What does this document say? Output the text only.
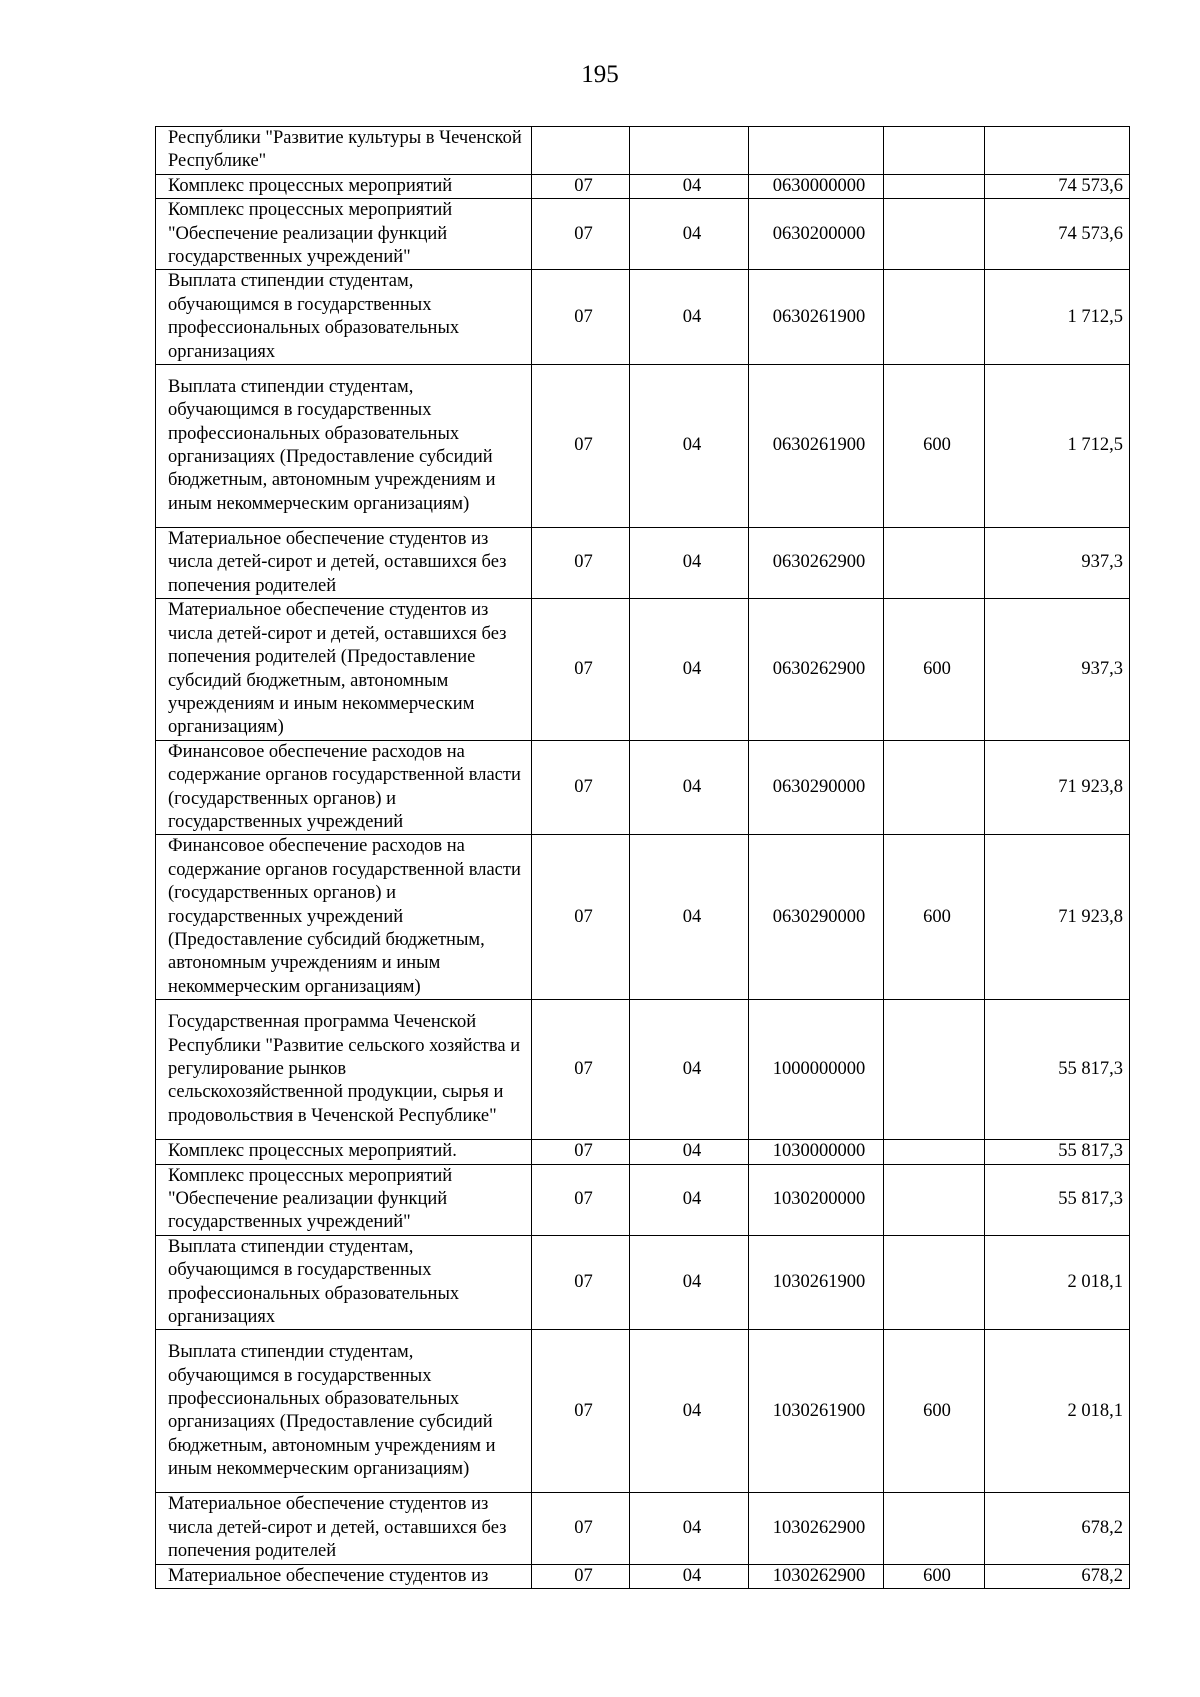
195
Республики "Развитие культуры в Чеченской Республике"					
Комплекс процессных мероприятий	07	04	0630000000		74 573,6
Комплекс процессных мероприятий "Обеспечение реализации функций государственных учреждений"	07	04	0630200000		74 573,6
Выплата стипендии студентам, обучающимся в государственных профессиональных образовательных организациях	07	04	0630261900		1 712,5
Выплата стипендии студентам, обучающимся в государственных профессиональных образовательных организациях (Предоставление субсидий бюджетным, автономным учреждениям и иным некоммерческим организациям)	07	04	0630261900	600	1 712,5
Материальное обеспечение студентов из числа детей-сирот и детей, оставшихся без попечения родителей	07	04	0630262900		937,3
Материальное обеспечение студентов из числа детей-сирот и детей, оставшихся без попечения родителей (Предоставление субсидий бюджетным, автономным учреждениям и иным некоммерческим организациям)	07	04	0630262900	600	937,3
Финансовое обеспечение расходов на содержание органов государственной власти (государственных органов) и государственных учреждений	07	04	0630290000		71 923,8
Финансовое обеспечение расходов на содержание органов государственной власти (государственных органов) и государственных учреждений (Предоставление субсидий бюджетным, автономным учреждениям и иным некоммерческим организациям)	07	04	0630290000	600	71 923,8
Государственная программа Чеченской Республики "Развитие сельского хозяйства и регулирование рынков сельскохозяйственной продукции, сырья и продовольствия в Чеченской Республике"	07	04	1000000000		55 817,3
Комплекс процессных мероприятий.	07	04	1030000000		55 817,3
Комплекс процессных мероприятий "Обеспечение реализации функций государственных учреждений"	07	04	1030200000		55 817,3
Выплата стипендии студентам, обучающимся в государственных профессиональных образовательных организациях	07	04	1030261900		2 018,1
Выплата стипендии студентам, обучающимся в государственных профессиональных образовательных организациях (Предоставление субсидий бюджетным, автономным учреждениям и иным некоммерческим организациям)	07	04	1030261900	600	2 018,1
Материальное обеспечение студентов из числа детей-сирот и детей, оставшихся без попечения родителей	07	04	1030262900		678,2
Материальное обеспечение студентов из	07	04	1030262900	600	678,2
